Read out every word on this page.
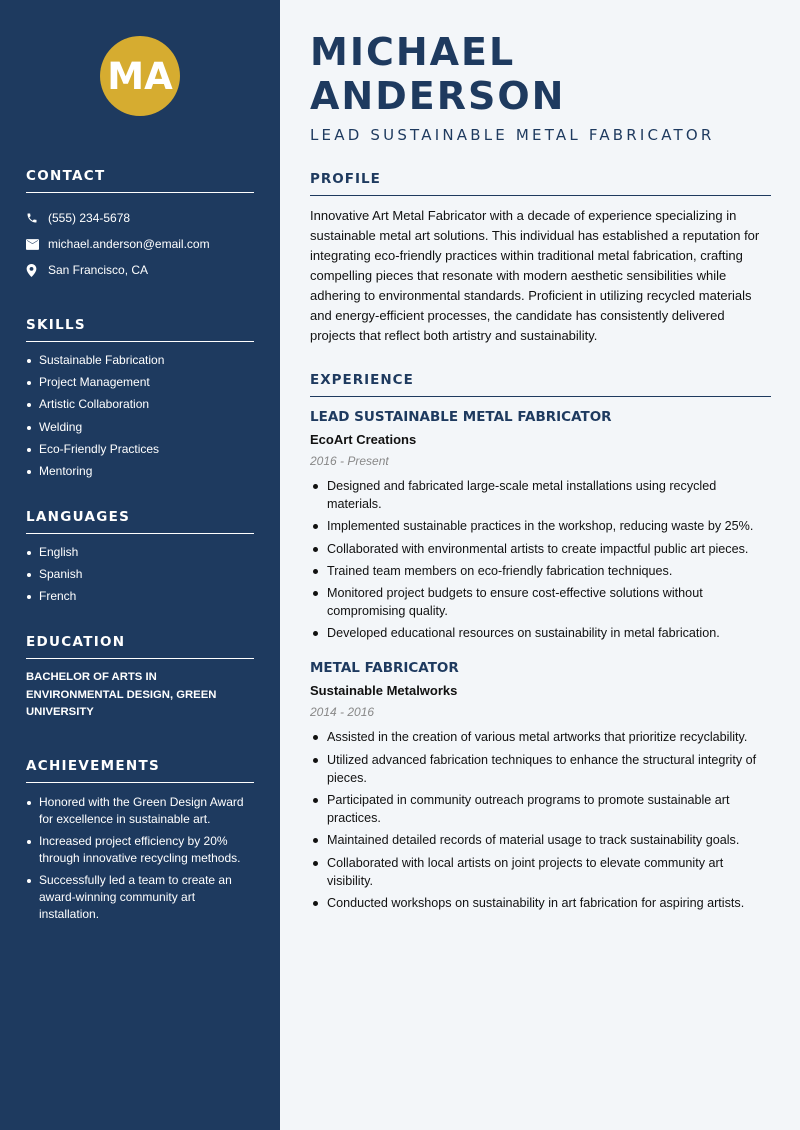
MA
CONTACT
(555) 234-5678
michael.anderson@email.com
San Francisco, CA
SKILLS
Sustainable Fabrication
Project Management
Artistic Collaboration
Welding
Eco-Friendly Practices
Mentoring
LANGUAGES
English
Spanish
French
EDUCATION
BACHELOR OF ARTS IN ENVIRONMENTAL DESIGN, GREEN UNIVERSITY
ACHIEVEMENTS
Honored with the Green Design Award for excellence in sustainable art.
Increased project efficiency by 20% through innovative recycling methods.
Successfully led a team to create an award-winning community art installation.
MICHAEL ANDERSON
LEAD SUSTAINABLE METAL FABRICATOR
PROFILE

Innovative Art Metal Fabricator with a decade of experience specializing in sustainable metal art solutions. This individual has established a reputation for integrating eco-friendly practices within traditional metal fabrication, crafting compelling pieces that resonate with modern aesthetic sensibilities while adhering to environmental standards. Proficient in utilizing recycled materials and energy-efficient processes, the candidate has consistently delivered projects that reflect both artistry and sustainability.

EXPERIENCE
LEAD SUSTAINABLE METAL FABRICATOR
EcoArt Creations
2016 - Present
Designed and fabricated large-scale metal installations using recycled materials.
Implemented sustainable practices in the workshop, reducing waste by 25%.
Collaborated with environmental artists to create impactful public art pieces.
Trained team members on eco-friendly fabrication techniques.
Monitored project budgets to ensure cost-effective solutions without compromising quality.
Developed educational resources on sustainability in metal fabrication.
METAL FABRICATOR
Sustainable Metalworks
2014 - 2016
Assisted in the creation of various metal artworks that prioritize recyclability.
Utilized advanced fabrication techniques to enhance the structural integrity of pieces.
Participated in community outreach programs to promote sustainable art practices.
Maintained detailed records of material usage to track sustainability goals.
Collaborated with local artists on joint projects to elevate community art visibility.
Conducted workshops on sustainability in art fabrication for aspiring artists.
